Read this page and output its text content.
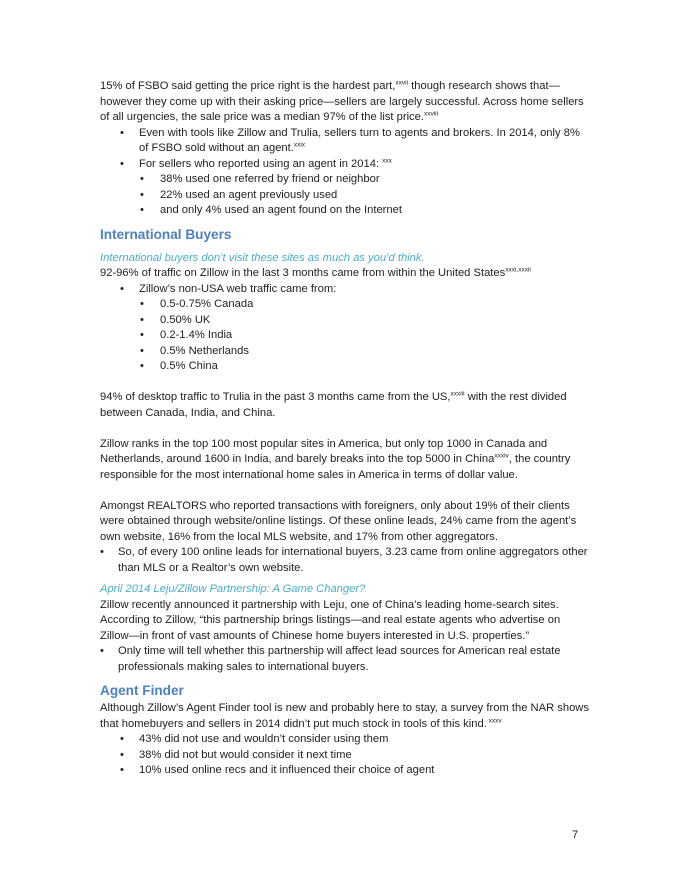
15% of FSBO said getting the price right is the hardest part,$^{xxvii}$ though research shows that—however they come up with their asking price—sellers are largely successful. Across home sellers of all urgencies, the sale price was a median 97% of the list price.$^{xxviii}$

• Even with tools like Zillow and Trulia, sellers turn to agents and brokers. In 2014, only 8% of FSBO sold without an agent.$^{xxix}$
• For sellers who reported using an agent in 2014: $^{xxx}$
• 38% used one referred by friend or neighbor
• 22% used an agent previously used
• and only 4% used an agent found on the Internet
International Buyers

International buyers don’t visit these sites as much as you’d think.

92-96% of traffic on Zillow in the last 3 months came from within the United States$^{xxxi,xxxii}$

• Zillow’s non-USA web traffic came from:
• 0.5-0.75% Canada
• 0.50% UK
• 0.2-1.4% India
• 0.5% Netherlands
• 0.5% China

94% of desktop traffic to Trulia in the past 3 months came from the US,$^{xxxiii}$ with the rest divided between Canada, India, and China.

Zillow ranks in the top 100 most popular sites in America, but only top 1000 in Canada and Netherlands, around 1600 in India, and barely breaks into the top 5000 in China$^{xxxiv}$, the country responsible for the most international home sales in America in terms of dollar value.

Amongst REALTORS who reported transactions with foreigners, only about 19% of their clients were obtained through website/online listings. Of these online leads, 24% came from the agent’s own website, 16% from the local MLS website, and 17% from other aggregators.

• So, of every 100 online leads for international buyers, 3.23 came from online aggregators other than MLS or a Realtor’s own website.

April 2014 Leju/Zillow Partnership: A Game Changer?

Zillow recently announced it partnership with Leju, one of China’s leading home-search sites. According to Zillow, “this partnership brings listings—and real estate agents who advertise on Zillow—in front of vast amounts of Chinese home buyers interested in U.S. properties.”

• Only time will tell whether this partnership will affect lead sources for American real estate professionals making sales to international buyers.
Agent Finder

Although Zillow’s Agent Finder tool is new and probably here to stay, a survey from the NAR shows that homebuyers and sellers in 2014 didn’t put much stock in tools of this kind. $^{xxxv}$

• 43% did not use and wouldn’t consider using them
• 38% did not but would consider it next time
• 10% used online recs and it influenced their choice of agent
7
